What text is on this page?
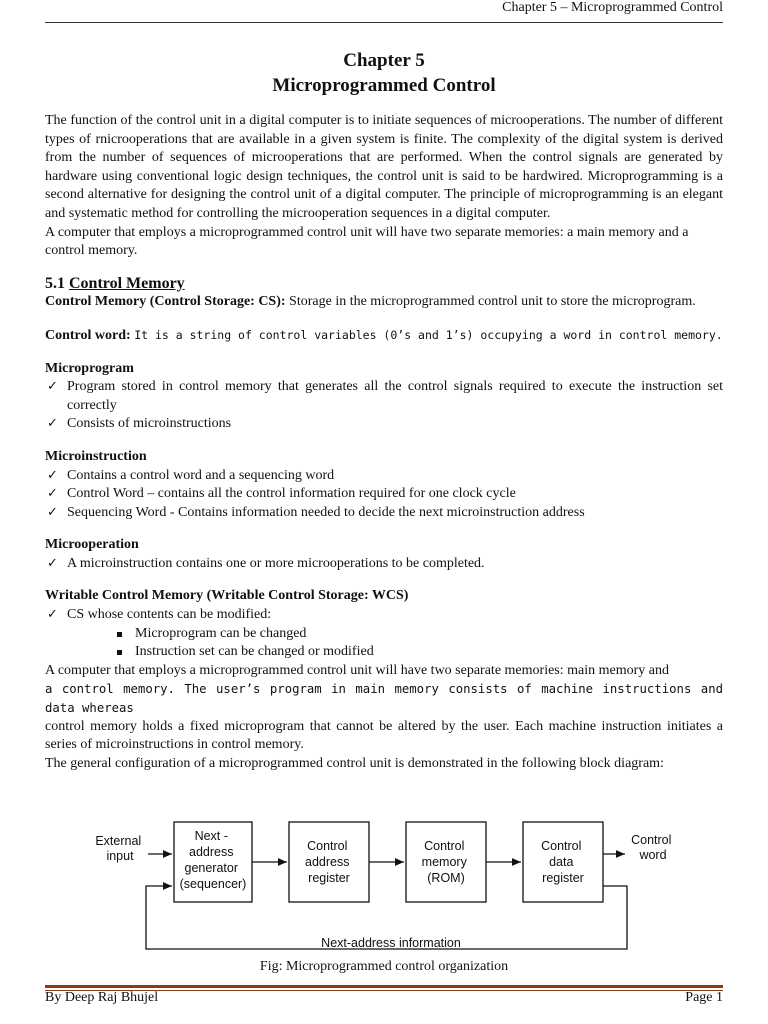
Chapter 5 – Microprogrammed Control
Chapter 5
Microprogrammed Control
The function of the control unit in a digital computer is to initiate sequences of microoperations. The number of different types of rnicrooperations that are available in a given system is finite. The complexity of the digital system is derived from the number of sequences of microoperations that are performed. When the control signals are generated by hardware using conventional logic design techniques, the control unit is said to be hardwired. Microprogramming is a second alternative for designing the control unit of a digital computer. The principle of microprogramming is an elegant and systematic method for controlling the microoperation sequences in a digital computer.
A computer that employs a microprogrammed control unit will have two separate memories: a main memory and a control memory.
5.1 Control Memory
Control Memory (Control Storage: CS): Storage in the microprogrammed control unit to store the microprogram.
Control word: It is a string of control variables (0’s and 1’s) occupying a word in control memory.
Microprogram
✓ Program stored in control memory that generates all the control signals required to execute the instruction set correctly
✓ Consists of microinstructions
Microinstruction
✓ Contains a control word and a sequencing word
✓ Control Word – contains all the control information required for one clock cycle
✓ Sequencing Word - Contains information needed to decide the next microinstruction address
Microoperation
✓ A microinstruction contains one or more microoperations to be completed.
Writable Control Memory (Writable Control Storage: WCS)
✓ CS whose contents can be modified:
Microprogram can be changed
Instruction set can be changed or modified
A computer that employs a microprogrammed control unit will have two separate memories: main memory and
a control memory. The user’s program in main memory consists of machine instructions and data whereas
control memory holds a fixed microprogram that cannot be altered by the user. Each machine instruction initiates a series of microinstructions in control memory.
The general configuration of a microprogrammed control unit is demonstrated in the following block diagram:
External input
Next - address generator (sequencer)
Control address register
Control memory (ROM)
Control data register
Control word
Next-address information
Fig: Microprogrammed control organization
By Deep Raj Bhujel	Page 1
